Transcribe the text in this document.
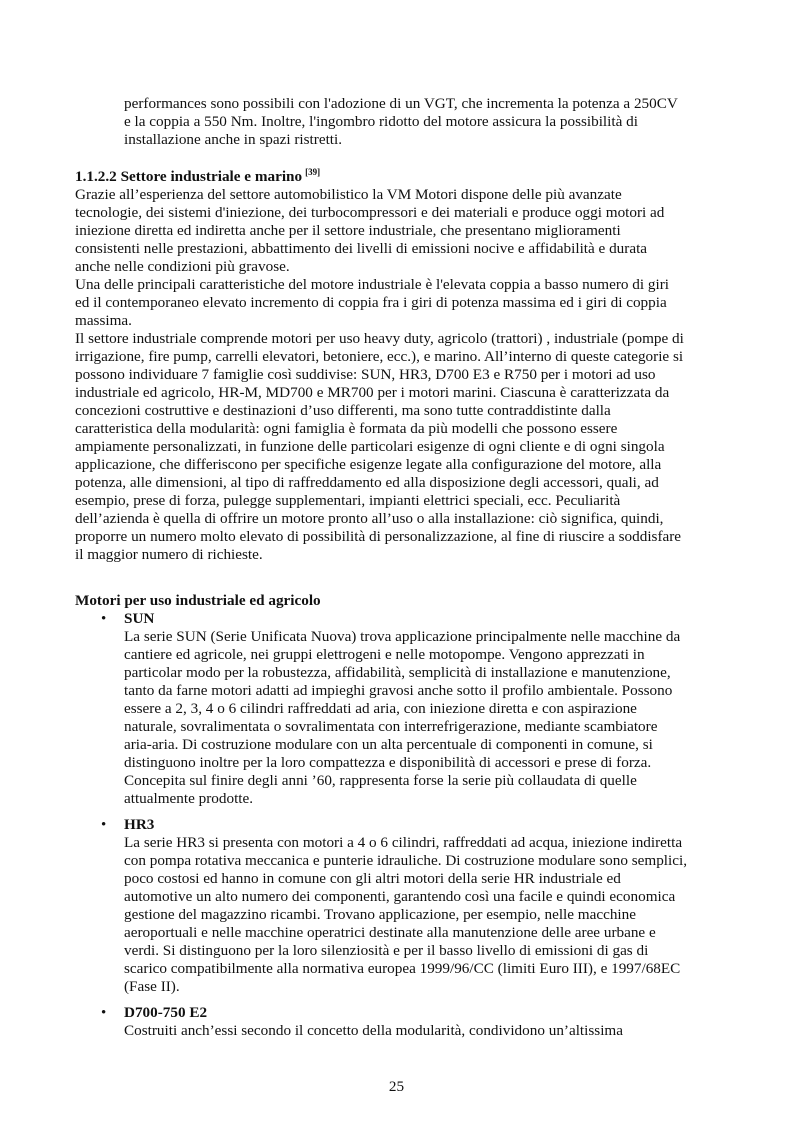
performances sono possibili con l'adozione di un VGT, che incrementa la potenza a 250CV
e la coppia a 550 Nm. Inoltre, l'ingombro ridotto del motore assicura la possibilità di
installazione anche in spazi ristretti.
1.1.2.2 Settore industriale e marino [39]
Grazie all’esperienza del settore automobilistico la VM Motori dispone delle più avanzate
tecnologie, dei sistemi d'iniezione, dei turbocompressori e dei materiali e produce oggi motori ad
iniezione diretta ed indiretta anche per il settore industriale, che presentano miglioramenti
consistenti nelle prestazioni, abbattimento dei livelli di emissioni nocive e affidabilità e durata
anche nelle condizioni più gravose.
Una delle principali caratteristiche del motore industriale è l'elevata coppia a basso numero di giri
ed il contemporaneo elevato incremento di coppia fra i giri di potenza massima ed i giri di coppia
massima.
Il settore industriale comprende motori per uso heavy duty, agricolo (trattori) , industriale (pompe di
irrigazione, fire pump, carrelli elevatori, betoniere, ecc.), e marino. All’interno di queste categorie si
possono individuare 7 famiglie così suddivise: SUN, HR3, D700 E3 e R750 per i motori ad uso
industriale ed agricolo, HR-M, MD700 e MR700 per i motori marini. Ciascuna è caratterizzata da
concezioni costruttive e destinazioni d’uso differenti, ma sono tutte contraddistinte dalla
caratteristica della modularità: ogni famiglia è formata da più modelli che possono essere
ampiamente personalizzati, in funzione delle particolari esigenze di ogni cliente e di ogni singola
applicazione, che differiscono per specifiche esigenze legate alla configurazione del motore, alla
potenza, alle dimensioni, al tipo di raffreddamento ed alla disposizione degli accessori, quali, ad
esempio, prese di forza, pulegge supplementari, impianti elettrici speciali, ecc. Peculiarità
dell’azienda è quella di offrire un motore pronto all’uso o alla installazione: ciò significa, quindi,
proporre un numero molto elevato di possibilità di personalizzazione, al fine di riuscire a soddisfare
il maggior numero di richieste.
Motori per uso industriale ed agricolo
• SUN
La serie SUN (Serie Unificata Nuova) trova applicazione principalmente nelle macchine da
cantiere ed agricole, nei gruppi elettrogeni e nelle motopompe. Vengono apprezzati in
particolar modo per la robustezza, affidabilità, semplicità di installazione e manutenzione,
tanto da farne motori adatti ad impieghi gravosi anche sotto il profilo ambientale. Possono
essere a 2, 3, 4 o 6 cilindri raffreddati ad aria, con iniezione diretta e con aspirazione
naturale, sovralimentata o sovralimentata con interrefrigerazione, mediante scambiatore
aria-aria. Di costruzione modulare con un alta percentuale di componenti in comune, si
distinguono inoltre per la loro compattezza e disponibilità di accessori e prese di forza.
Concepita sul finire degli anni ’60, rappresenta forse la serie più collaudata di quelle
attualmente prodotte.
• HR3
La serie HR3 si presenta con motori a 4 o 6 cilindri, raffreddati ad acqua, iniezione indiretta
con pompa rotativa meccanica e punterie idrauliche. Di costruzione modulare sono semplici,
poco costosi ed hanno in comune con gli altri motori della serie HR industriale ed
automotive un alto numero dei componenti, garantendo così una facile e quindi economica
gestione del magazzino ricambi. Trovano applicazione, per esempio, nelle macchine
aeroportuali e nelle macchine operatrici destinate alla manutenzione delle aree urbane e
verdi. Si distinguono per la loro silenziosità e per il basso livello di emissioni di gas di
scarico compatibilmente alla normativa europea 1999/96/CC (limiti Euro III), e 1997/68EC
(Fase II).
• D700-750 E2
Costruiti anch’essi secondo il concetto della modularità, condividono un’altissima
25
